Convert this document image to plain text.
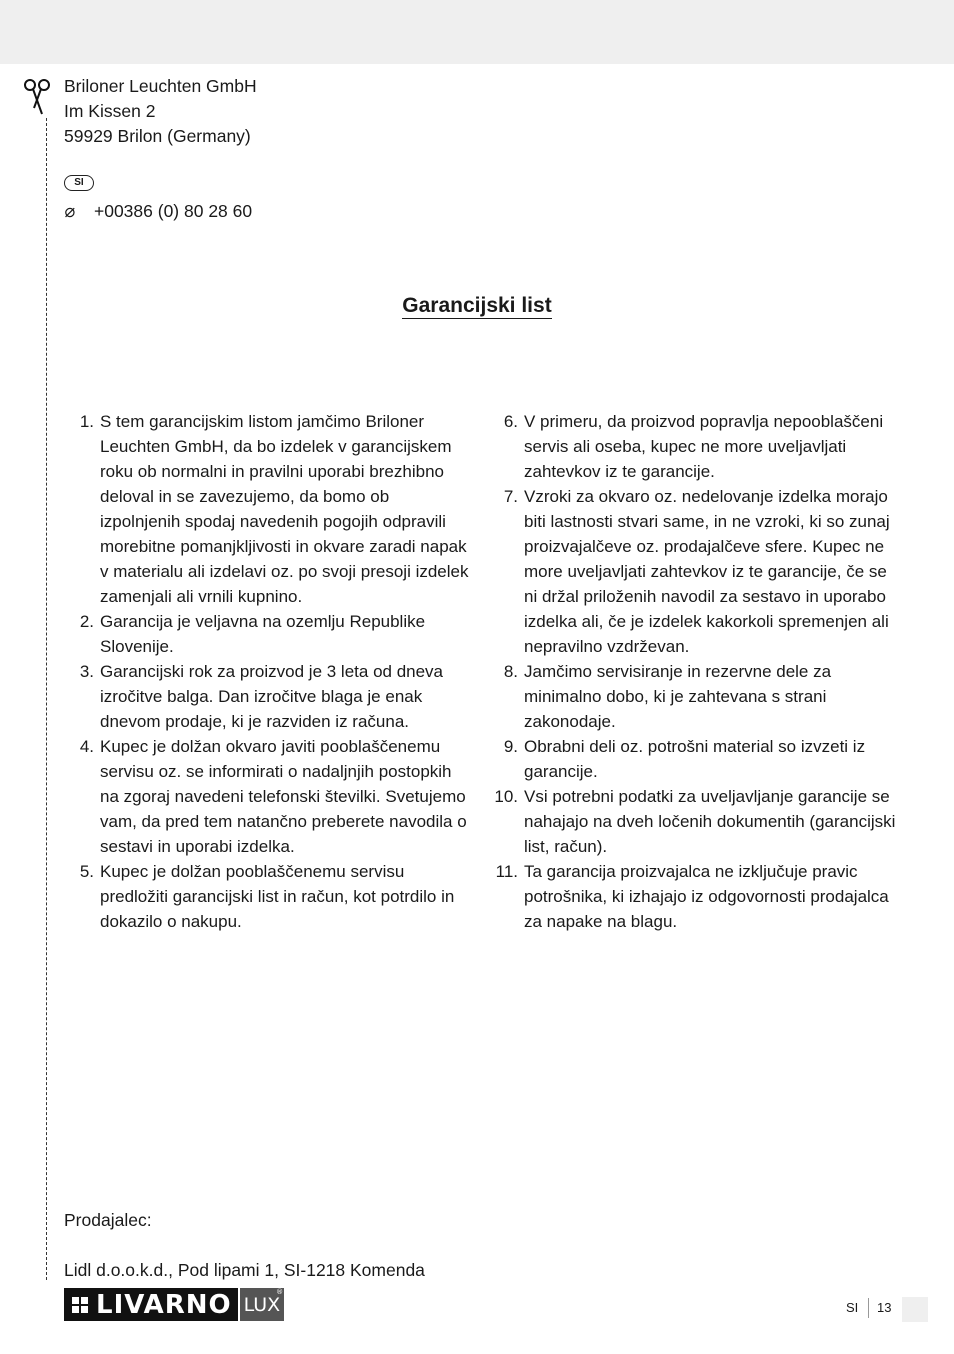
Briloner Leuchten GmbH
Im Kissen 2
59929 Brilon (Germany)
SI
⌀ +00386 (0) 80 28 60
Garancijski list
1. S tem garancijskim listom jamčimo Briloner Leuchten GmbH, da bo izdelek v garancijskem roku ob normalni in pravilni uporabi brezhibno deloval in se zavezujemo, da bomo ob izpolnjenih spodaj navedenih pogojih odpravili morebitne pomanjkljivosti in okvare zaradi napak v materialu ali izdelavi oz. po svoji presoji izdelek zamenjali ali vrnili kupnino.
2. Garancija je veljavna na ozemlju Republike Slovenije.
3. Garancijski rok za proizvod je 3 leta od dneva izročitve balga. Dan izročitve blaga je enak dnevom prodaje, ki je razviden iz računa.
4. Kupec je dolžan okvaro javiti pooblaščenemu servisu oz. se informirati o nadaljnjih postopkih na zgoraj navedeni telefonski številki. Svetujemo vam, da pred tem natančno preberete navodila o sestavi in uporabi izdelka.
5. Kupec je dolžan pooblaščenemu servisu predložiti garancijski list in račun, kot potrdilo in dokazilo o nakupu.
6. V primeru, da proizvod popravlja nepooblaščeni servis ali oseba, kupec ne more uveljavljati zahtevkov iz te garancije.
7. Vzroki za okvaro oz. nedelovanje izdelka morajo biti lastnosti stvari same, in ne vzroki, ki so zunaj proizvajalčeve oz. prodajalčeve sfere. Kupec ne more uveljavljati zahtevkov iz te garancije, če se ni držal priloženih navodil za sestavo in uporabo izdelka ali, če je izdelek kakorkoli spremenjen ali nepravilno vzdrževan.
8. Jamčimo servisiranje in rezervne dele za minimalno dobo, ki je zahtevana s strani zakonodaje.
9. Obrabni deli oz. potrošni material so izvzeti iz garancije.
10. Vsi potrebni podatki za uveljavljanje garancije se nahajajo na dveh ločenih dokumentih (garancijski list, račun).
11. Ta garancija proizvajalca ne izključuje pravic potrošnika, ki izhajajo iz odgovornosti prodajalca za napake na blagu.
Prodajalec:
Lidl d.o.o.k.d., Pod lipami 1, SI-1218 Komenda
LIVARNO LUX
®
SI 13
